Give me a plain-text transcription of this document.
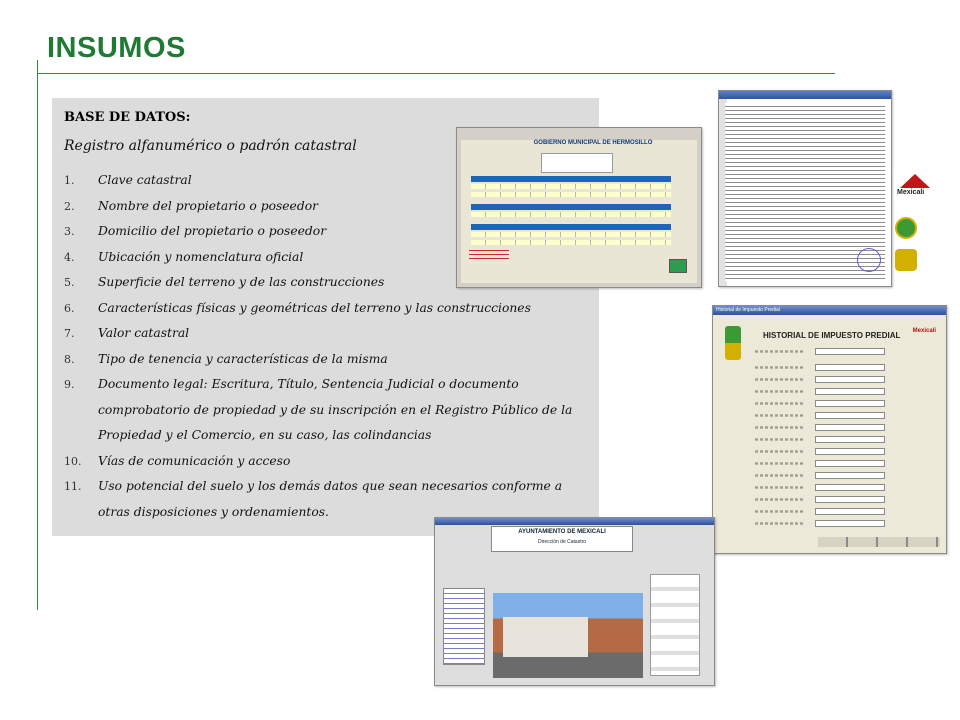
INSUMOS
BASE DE DATOS:
Registro alfanumérico o padrón catastral
1. Clave catastral
2. Nombre del propietario o poseedor
3. Domicilio del propietario o poseedor
4. Ubicación y nomenclatura oficial
5. Superficie del terreno y de las construcciones
6. Características físicas y geométricas del terreno y las construcciones
7. Valor catastral
8. Tipo de tenencia y características de la misma
9. Documento legal: Escritura, Título, Sentencia Judicial o documento comprobatorio de propiedad y de su inscripción en el Registro Público de la Propiedad y el Comercio, en su caso, las colindancias
10. Vías de comunicación y acceso
11. Uso potencial del suelo y los demás datos que sean necesarios conforme a otras disposiciones y ordenamientos.
GOBIERNO MUNICIPAL DE HERMOSILLO
Mexicali
Historial de Impuesto Predial
HISTORIAL DE IMPUESTO PREDIAL Mexicali
AYUNTAMIENTO DE MEXICALI
Dirección de Catastro
